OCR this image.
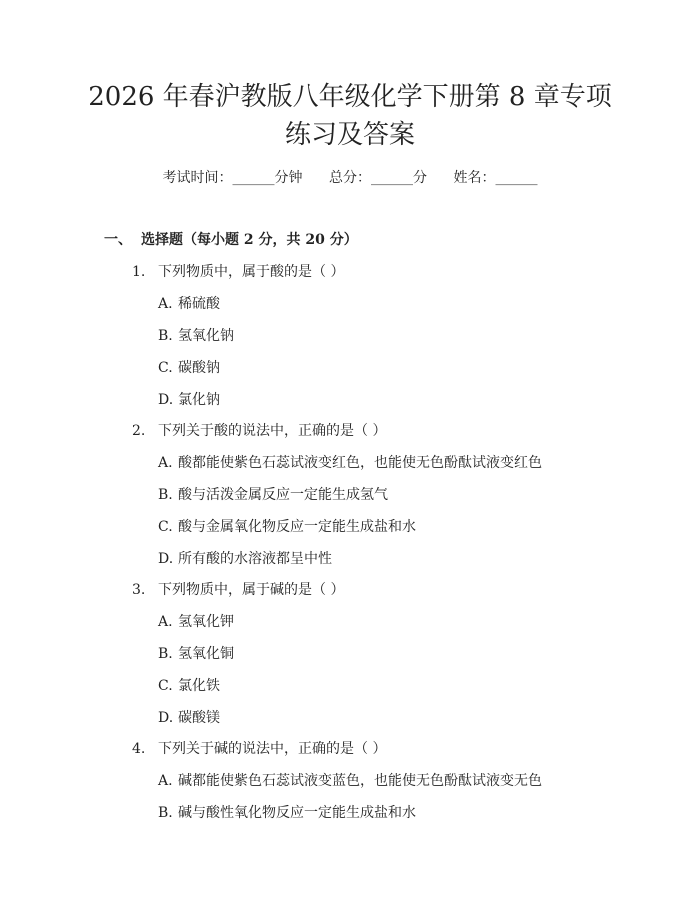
2026 年春沪教版八年级化学下册第 8 章专项
练习及答案
考试时间：______分钟 总分：______分 姓名：______
一、 选择题（每小题 2 分，共 20 分）
1. 下列物质中，属于酸的是（ ）
A. 稀硫酸
B. 氢氧化钠
C. 碳酸钠
D. 氯化钠
2. 下列关于酸的说法中，正确的是（ ）
A. 酸都能使紫色石蕊试液变红色，也能使无色酚酞试液变红色
B. 酸与活泼金属反应一定能生成氢气
C. 酸与金属氧化物反应一定能生成盐和水
D. 所有酸的水溶液都呈中性
3. 下列物质中，属于碱的是（ ）
A. 氢氧化钾
B. 氢氧化铜
C. 氯化铁
D. 碳酸镁
4. 下列关于碱的说法中，正确的是（ ）
A. 碱都能使紫色石蕊试液变蓝色，也能使无色酚酞试液变无色
B. 碱与酸性氧化物反应一定能生成盐和水
